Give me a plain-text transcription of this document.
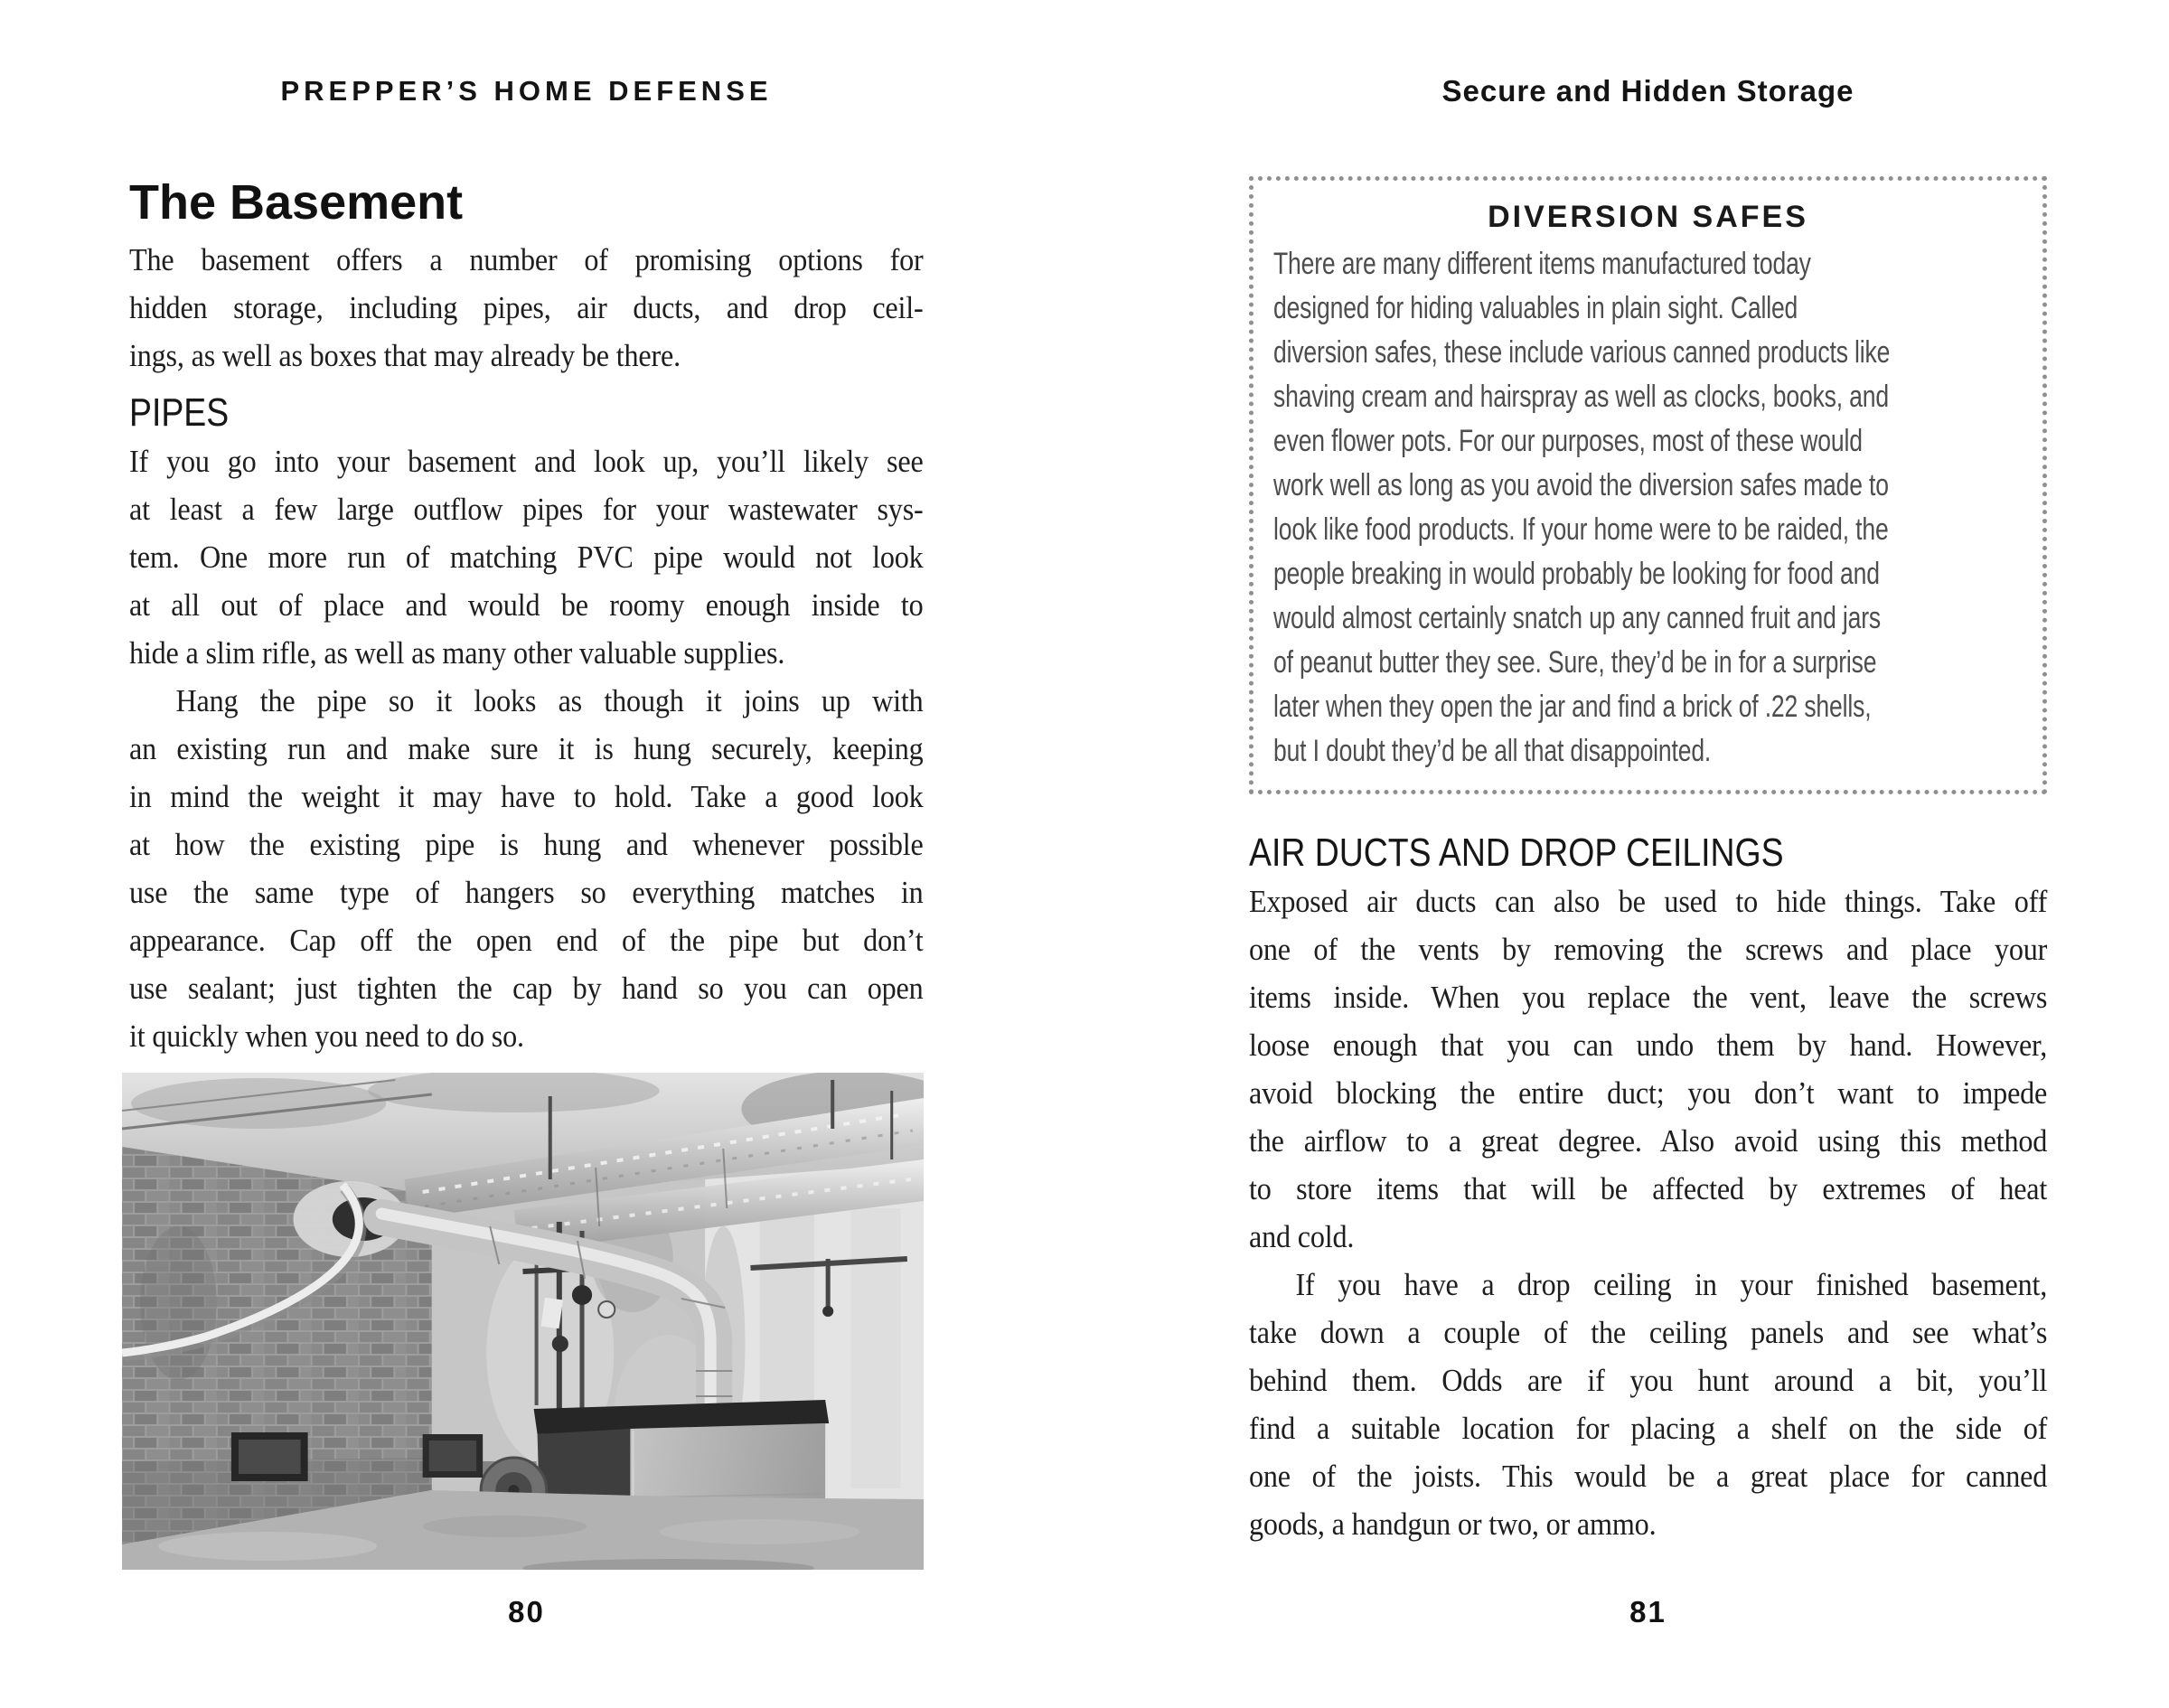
PREPPER’S HOME DEFENSE
The Basement
The basement offers a number of promising options for
hidden storage, including pipes, air ducts, and drop ceil-
ings, as well as boxes that may already be there.
PIPES
If you go into your basement and look up, you’ll likely see
at least a few large outflow pipes for your wastewater sys-
tem. One more run of matching PVC pipe would not look
at all out of place and would be roomy enough inside to
hide a slim rifle, as well as many other valuable supplies.
Hang the pipe so it looks as though it joins up with
an existing run and make sure it is hung securely, keeping
in mind the weight it may have to hold. Take a good look
at how the existing pipe is hung and whenever possible
use the same type of hangers so everything matches in
appearance. Cap off the open end of the pipe but don’t
use sealant; just tighten the cap by hand so you can open
it quickly when you need to do so.
Secure and Hidden Storage
DIVERSION SAFES
There are many different items manufactured today
designed for hiding valuables in plain sight. Called
diversion safes, these include various canned products like
shaving cream and hairspray as well as clocks, books, and
even flower pots. For our purposes, most of these would
work well as long as you avoid the diversion safes made to
look like food products. If your home were to be raided, the
people breaking in would probably be looking for food and
would almost certainly snatch up any canned fruit and jars
of peanut butter they see. Sure, they’d be in for a surprise
later when they open the jar and find a brick of .22 shells,
but I doubt they’d be all that disappointed.
AIR DUCTS AND DROP CEILINGS
Exposed air ducts can also be used to hide things. Take off
one of the vents by removing the screws and place your
items inside. When you replace the vent, leave the screws
loose enough that you can undo them by hand. However,
avoid blocking the entire duct; you don’t want to impede
the airflow to a great degree. Also avoid using this method
to store items that will be affected by extremes of heat
and cold.
If you have a drop ceiling in your finished basement,
take down a couple of the ceiling panels and see what’s
behind them. Odds are if you hunt around a bit, you’ll
find a suitable location for placing a shelf on the side of
one of the joists. This would be a great place for canned
goods, a handgun or two, or ammo.
80	81
